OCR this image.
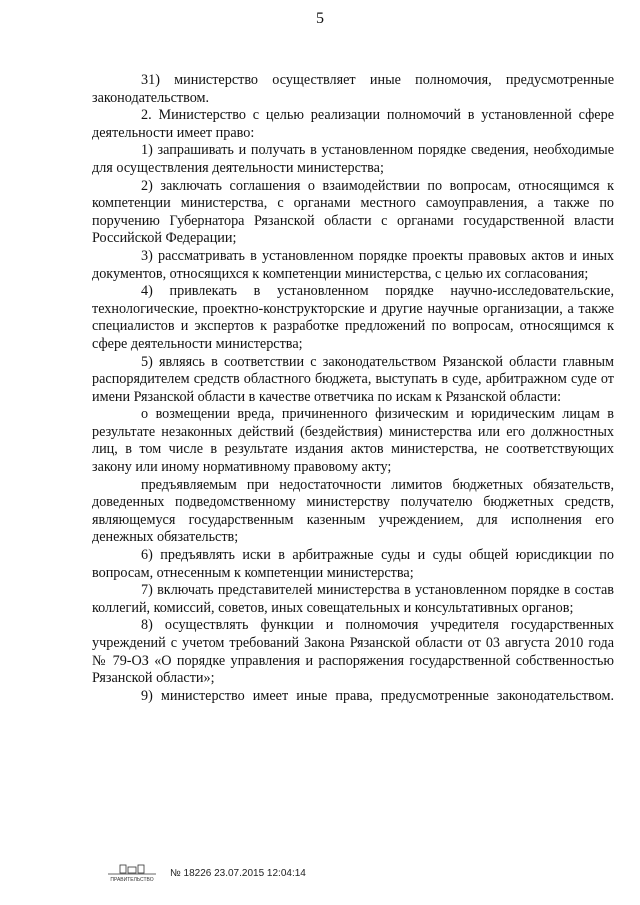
5

31) министерство осуществляет иные полномочия, предусмотренные законодательством.

2. Министерство с целью реализации полномочий в установленной сфере деятельности имеет право:

1) запрашивать и получать в установленном порядке сведения, необходимые для осуществления деятельности министерства;

2) заключать соглашения о взаимодействии по вопросам, относящимся к компетенции министерства, с органами местного самоуправления, а также по поручению Губернатора Рязанской области с органами государственной власти Российской Федерации;

3) рассматривать в установленном порядке проекты правовых актов и иных документов, относящихся к компетенции министерства, с целью их согласования;

4) привлекать в установленном порядке научно-исследовательские, технологические, проектно-конструкторские и другие научные организации, а также специалистов и экспертов к разработке предложений по вопросам, относящимся к сфере деятельности министерства;

5) являясь в соответствии с законодательством Рязанской области главным распорядителем средств областного бюджета, выступать в суде, арбитражном суде от имени Рязанской области в качестве ответчика по искам к Рязанской области:

о возмещении вреда, причиненного физическим и юридическим лицам в результате незаконных действий (бездействия) министерства или его должностных лиц, в том числе в результате издания актов министерства, не соответствующих закону или иному нормативному правовому акту;

предъявляемым при недостаточности лимитов бюджетных обязательств, доведенных подведомственному министерству получателю бюджетных средств, являющемуся государственным казенным учреждением, для исполнения его денежных обязательств;

6) предъявлять иски в арбитражные суды и суды общей юрисдикции по вопросам, отнесенным к компетенции министерства;

7) включать представителей министерства в установленном порядке в состав коллегий, комиссий, советов, иных совещательных и консультативных органов;

8) осуществлять функции и полномочия учредителя государственных учреждений с учетом требований Закона Рязанской области от 03 августа 2010 года № 79-ОЗ «О порядке управления и распоряжения государственной собственностью Рязанской области»;

9) министерство имеет иные права, предусмотренные законодательством.

ПРАВИТЕЛЬСТВО
№ 18226 23.07.2015 12:04:14
